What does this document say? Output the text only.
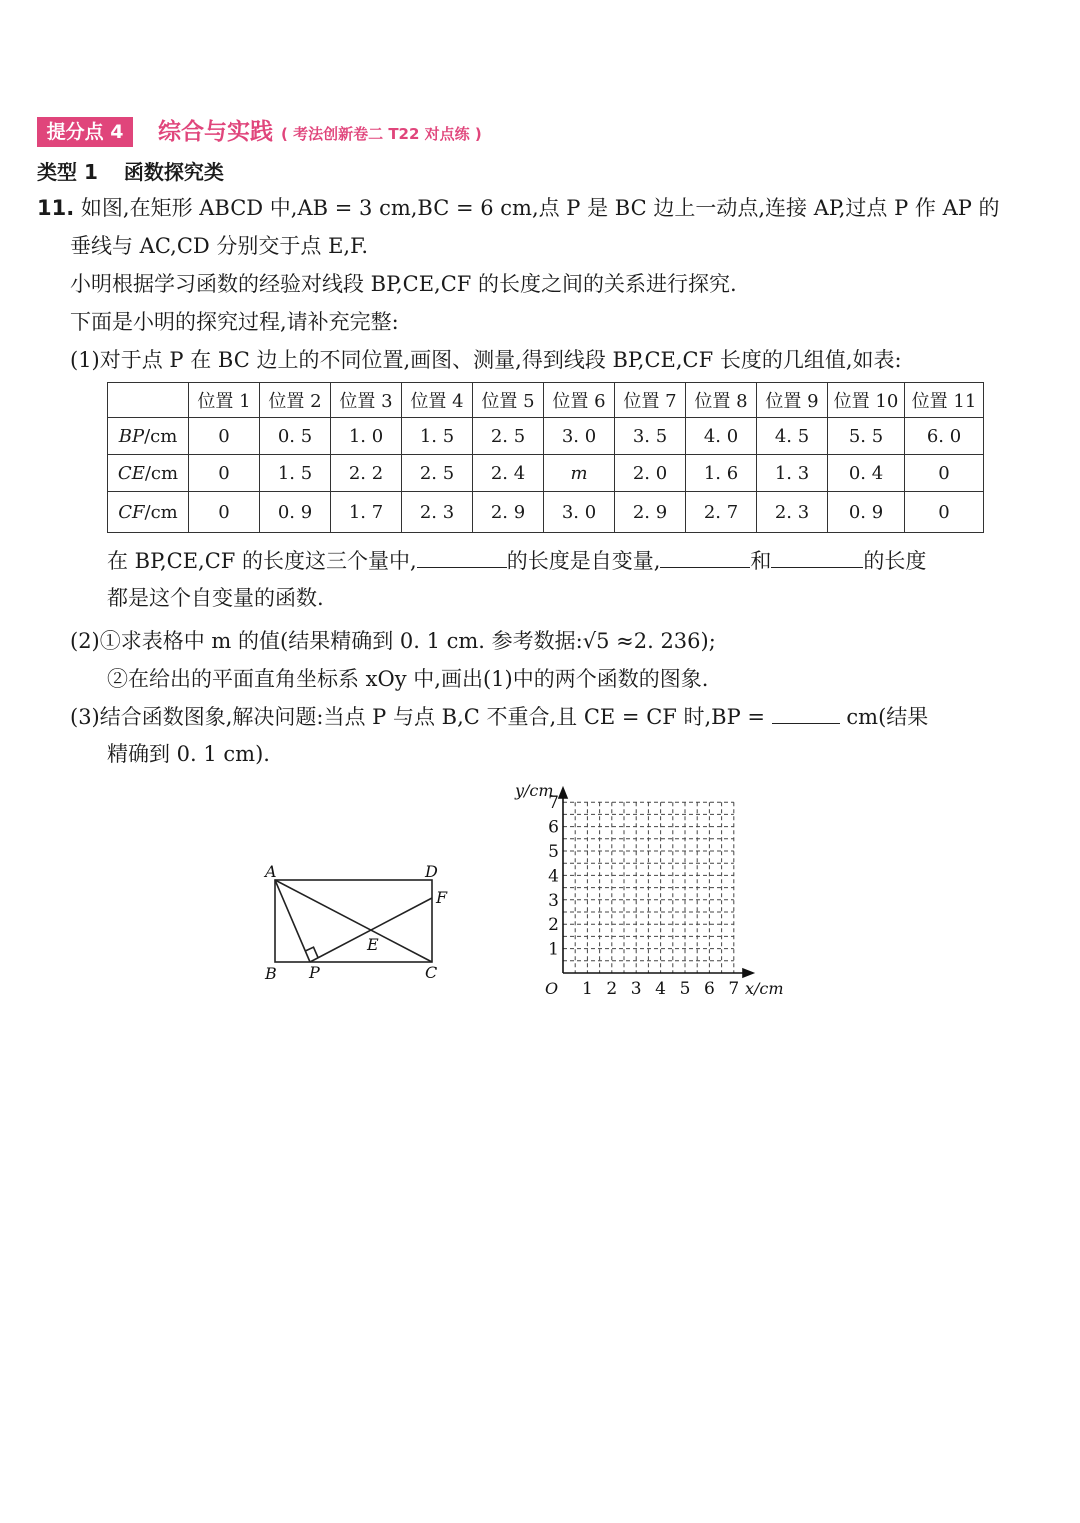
提分点 4	综合与实践 ( 考法创新卷二 T22 对点练 )
类型 1 函数探究类
11. 如图,在矩形 ABCD 中,AB = 3 cm,BC = 6 cm,点 P 是 BC 边上一动点,连接 AP,过点 P 作 AP 的
垂线与 AC,CD 分别交于点 E,F.
小明根据学习函数的经验对线段 BP,CE,CF 的长度之间的关系进行探究.
下面是小明的探究过程,请补充完整:
(1)对于点 P 在 BC 边上的不同位置,画图、测量,得到线段 BP,CE,CF 长度的几组值,如表:
	位置 1	位置 2	位置 3	位置 4	位置 5	位置 6	位置 7	位置 8	位置 9	位置 10	位置 11
BP/cm	0	0. 5	1. 0	1. 5	2. 5	3. 0	3. 5	4. 0	4. 5	5. 5	6. 0
CE/cm	0	1. 5	2. 2	2. 5	2. 4	m	2. 0	1. 6	1. 3	0. 4	0
CF/cm	0	0. 9	1. 7	2. 3	2. 9	3. 0	2. 9	2. 7	2. 3	0. 9	0
在 BP,CE,CF 的长度这三个量中,	的长度是自变量,	和	的长度
都是这个自变量的函数.
(2)①求表格中 m 的值(结果精确到 0. 1 cm. 参考数据:√5 ≈2. 236);
②在给出的平面直角坐标系 xOy 中,画出(1)中的两个函数的图象.
(3)结合函数图象,解决问题:当点 P 与点 B,C 不重合,且 CE = CF 时,BP =	cm(结果
精确到 0. 1 cm).
A	D
F
E
B P	C
y/cm
x/cm
O 1 2 3 4 5 6 7
1
2
3
4
5
6
7
